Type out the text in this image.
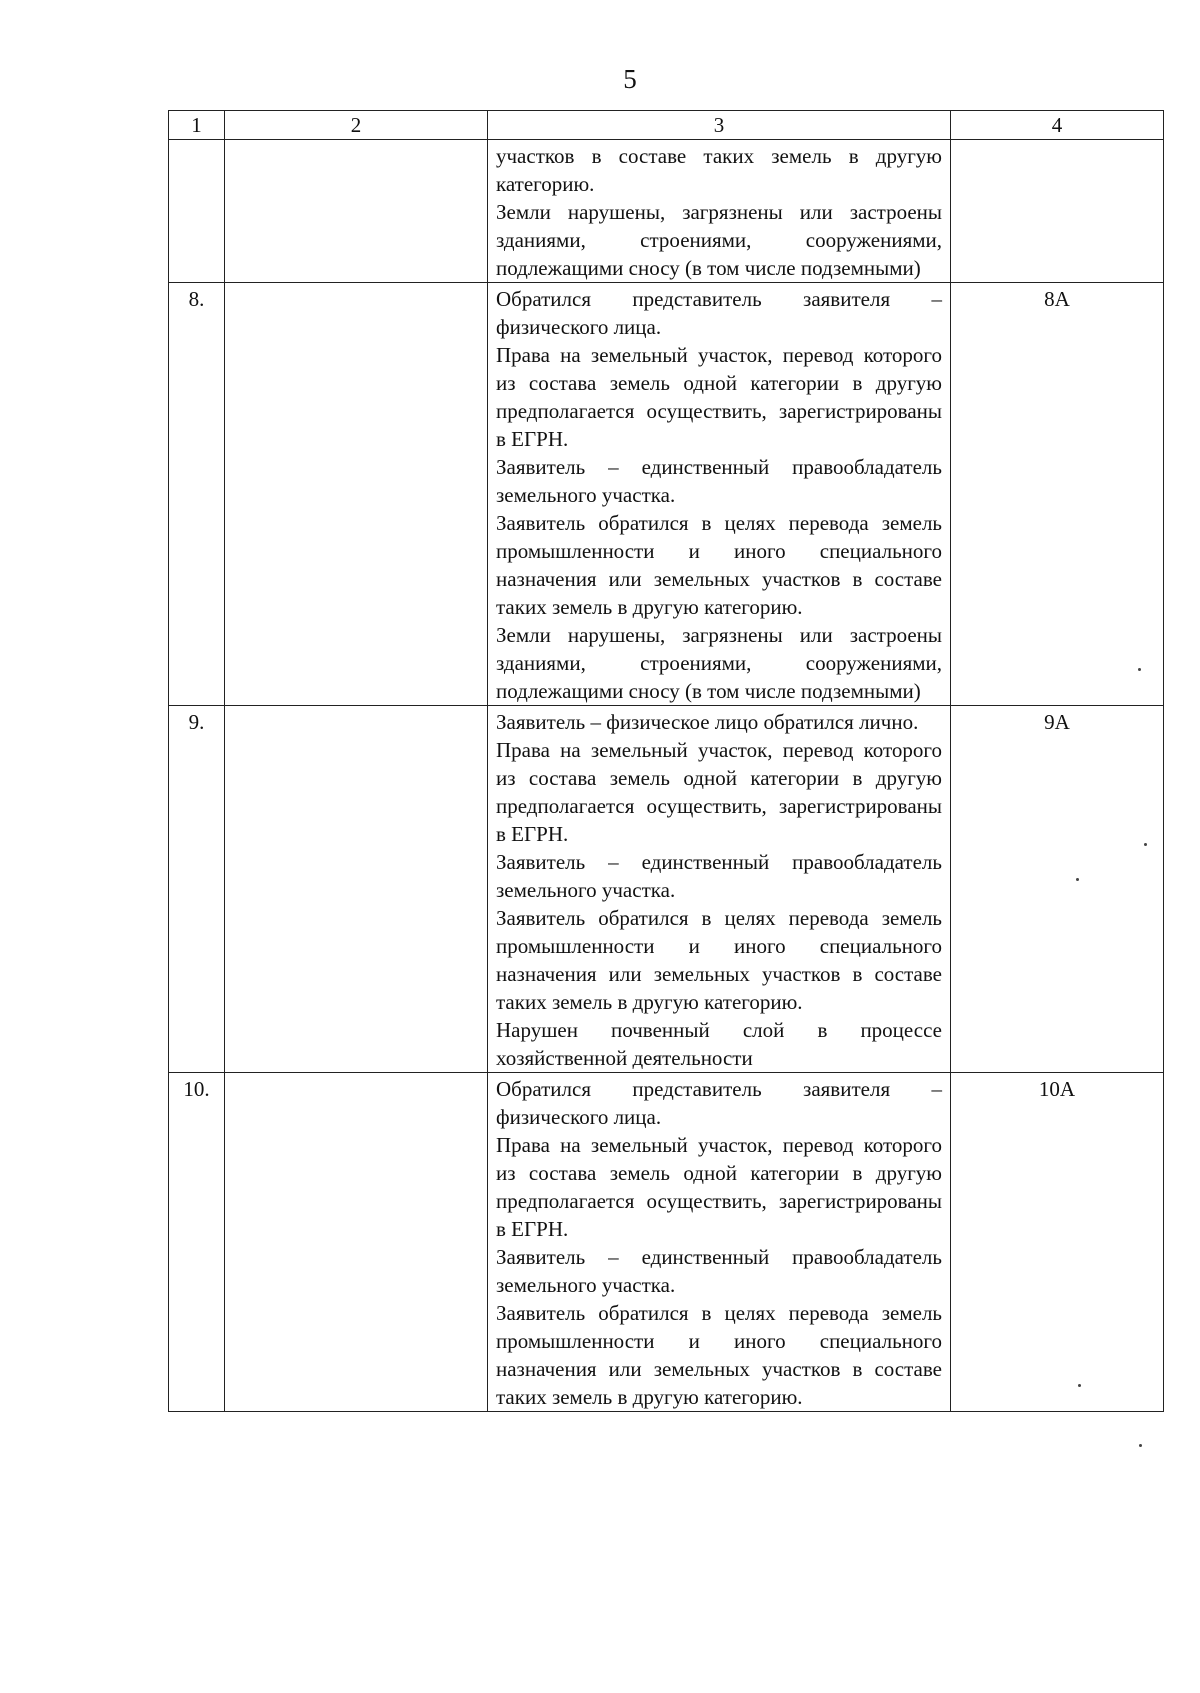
5
1	2	3	4

		участков в составе таких земель в другую категорию.
Земли нарушены, загрязнены или застроены зданиями, строениями, сооружениями, подлежащими сносу (в том числе подземными)	

8.		Обратился представитель заявителя – физического лица.
Права на земельный участок, перевод которого из состава земель одной категории в другую предполагается осуществить, зарегистрированы в ЕГРН.
Заявитель – единственный правообладатель земельного участка.
Заявитель обратился в целях перевода земель промышленности и иного специального назначения или земельных участков в составе таких земель в другую категорию.
Земли нарушены, загрязнены или застроены зданиями, строениями, сооружениями, подлежащими сносу (в том числе подземными)	8А
9.		Заявитель – физическое лицо обратился лично.
Права на земельный участок, перевод которого из состава земель одной категории в другую предполагается осуществить, зарегистрированы в ЕГРН.
Заявитель – единственный правообладатель земельного участка.
Заявитель обратился в целях перевода земель промышленности и иного специального назначения или земельных участков в составе таких земель в другую категорию.
Нарушен почвенный слой в процессе хозяйственной деятельности	9А
10.		Обратился представитель заявителя – физического лица.
Права на земельный участок, перевод которого из состава земель одной категории в другую предполагается осуществить, зарегистрированы в ЕГРН.
Заявитель – единственный правообладатель земельного участка.
Заявитель обратился в целях перевода земель промышленности и иного специального назначения или земельных участков в составе таких земель в другую категорию.	10А
